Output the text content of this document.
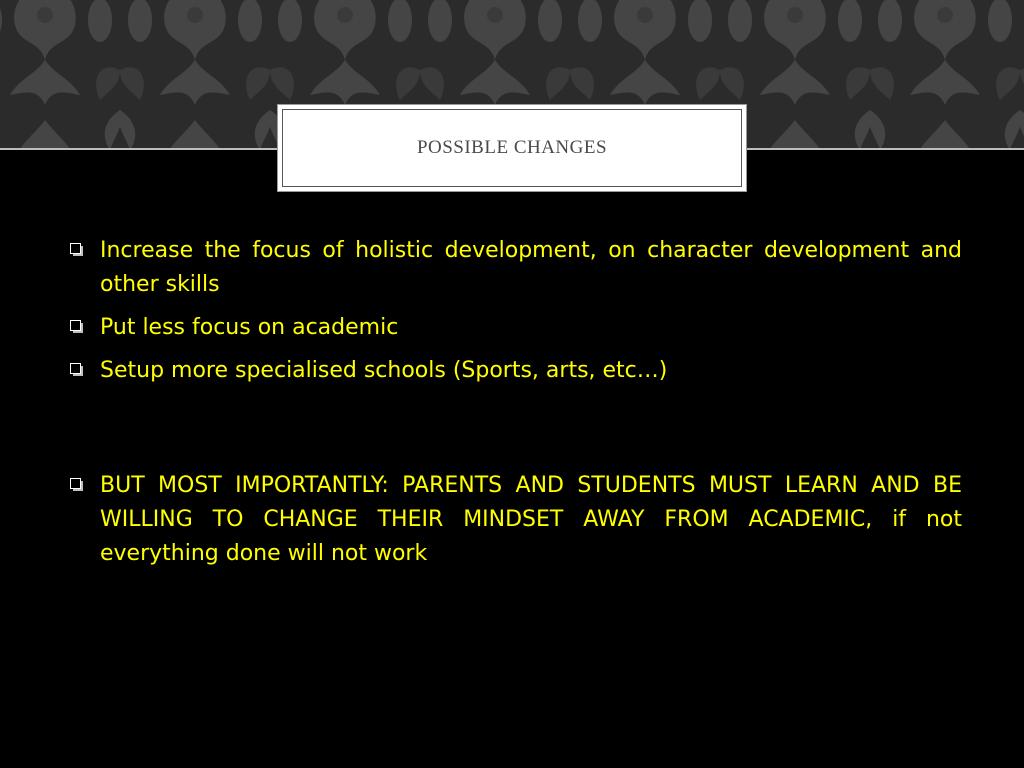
POSSIBLE CHANGES
Increase the focus of holistic development, on character development and other skills
Put less focus on academic
Setup more specialised schools (Sports, arts, etc…)
BUT MOST IMPORTANTLY: PARENTS AND STUDENTS MUST LEARN AND BE WILLING TO CHANGE THEIR MINDSET AWAY FROM ACADEMIC, if not everything done will not work
